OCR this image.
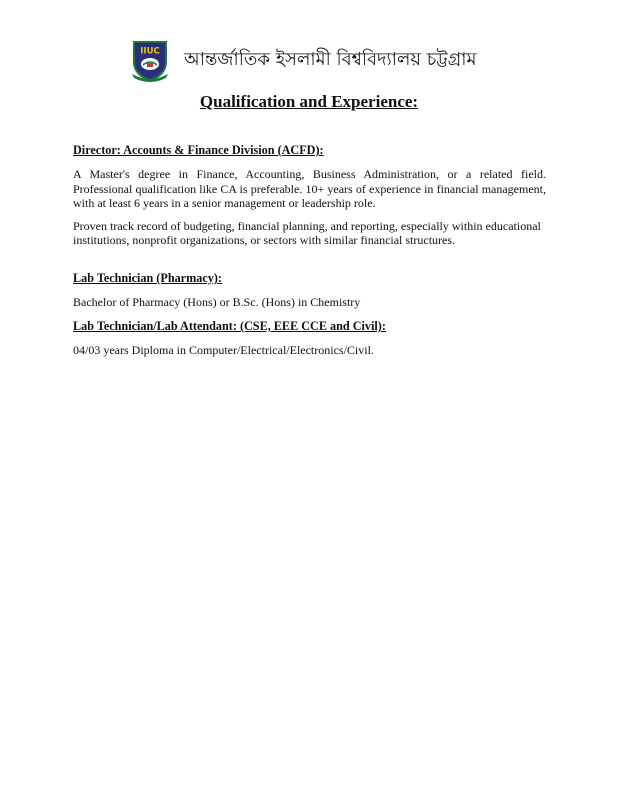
IIUC আন্তর্জাতিক ইসলামী বিশ্ববিদ্যালয় চট্টগ্রাম
Qualification and Experience:

Director: Accounts & Finance Division (ACFD):

A Master's degree in Finance, Accounting, Business Administration, or a related field. Professional qualification like CA is preferable. 10+ years of experience in financial management, with at least 6 years in a senior management or leadership role.

Proven track record of budgeting, financial planning, and reporting, especially within educational institutions, nonprofit organizations, or sectors with similar financial structures.

Lab Technician (Pharmacy):

Bachelor of Pharmacy (Hons) or B.Sc. (Hons) in Chemistry

Lab Technician/Lab Attendant: (CSE, EEE CCE and Civil):

04/03 years Diploma in Computer/Electrical/Electronics/Civil.
